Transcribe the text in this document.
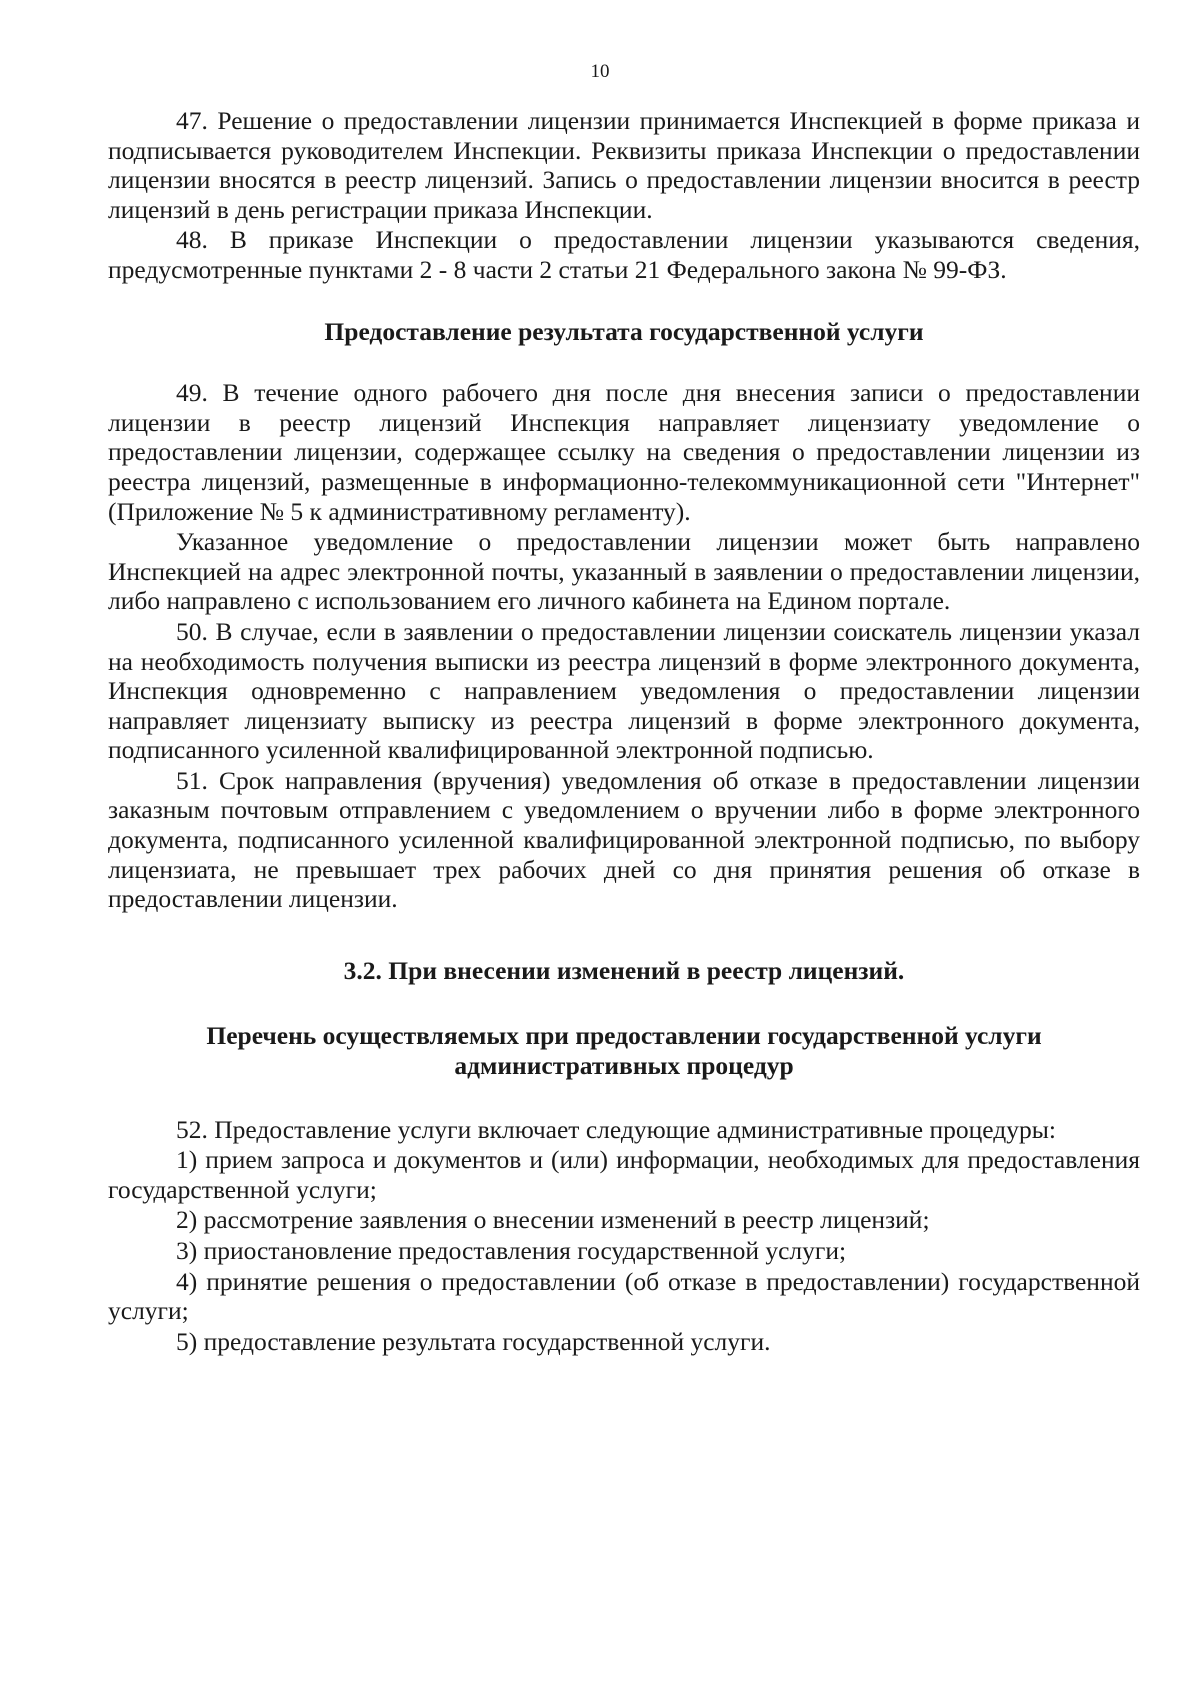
10

47. Решение о предоставлении лицензии принимается Инспекцией в форме приказа и подписывается руководителем Инспекции. Реквизиты приказа Инспекции о предоставлении лицензии вносятся в реестр лицензий. Запись о предоставлении лицензии вносится в реестр лицензий в день регистрации приказа Инспекции.

48. В приказе Инспекции о предоставлении лицензии указываются сведения, предусмотренные пунктами 2 - 8 части 2 статьи 21 Федерального закона № 99-ФЗ.

Предоставление результата государственной услуги

49. В течение одного рабочего дня после дня внесения записи о предоставлении лицензии в реестр лицензий Инспекция направляет лицензиату уведомление о предоставлении лицензии, содержащее ссылку на сведения о предоставлении лицензии из реестра лицензий, размещенные в информационно-телекоммуникационной сети "Интернет" (Приложение № 5 к административному регламенту).

Указанное уведомление о предоставлении лицензии может быть направлено Инспекцией на адрес электронной почты, указанный в заявлении о предоставлении лицензии, либо направлено с использованием его личного кабинета на Едином портале.

50. В случае, если в заявлении о предоставлении лицензии соискатель лицензии указал на необходимость получения выписки из реестра лицензий в форме электронного документа, Инспекция одновременно с направлением уведомления о предоставлении лицензии направляет лицензиату выписку из реестра лицензий в форме электронного документа, подписанного усиленной квалифицированной электронной подписью.

51. Срок направления (вручения) уведомления об отказе в предоставлении лицензии заказным почтовым отправлением с уведомлением о вручении либо в форме электронного документа, подписанного усиленной квалифицированной электронной подписью, по выбору лицензиата, не превышает трех рабочих дней со дня принятия решения об отказе в предоставлении лицензии.

3.2. При внесении изменений в реестр лицензий.

Перечень осуществляемых при предоставлении государственной услуги

административных процедур

52. Предоставление услуги включает следующие административные процедуры:

1) прием запроса и документов и (или) информации, необходимых для предоставления государственной услуги;

2) рассмотрение заявления о внесении изменений в реестр лицензий;

3) приостановление предоставления государственной услуги;

4) принятие решения о предоставлении (об отказе в предоставлении) государственной услуги;

5) предоставление результата государственной услуги.
